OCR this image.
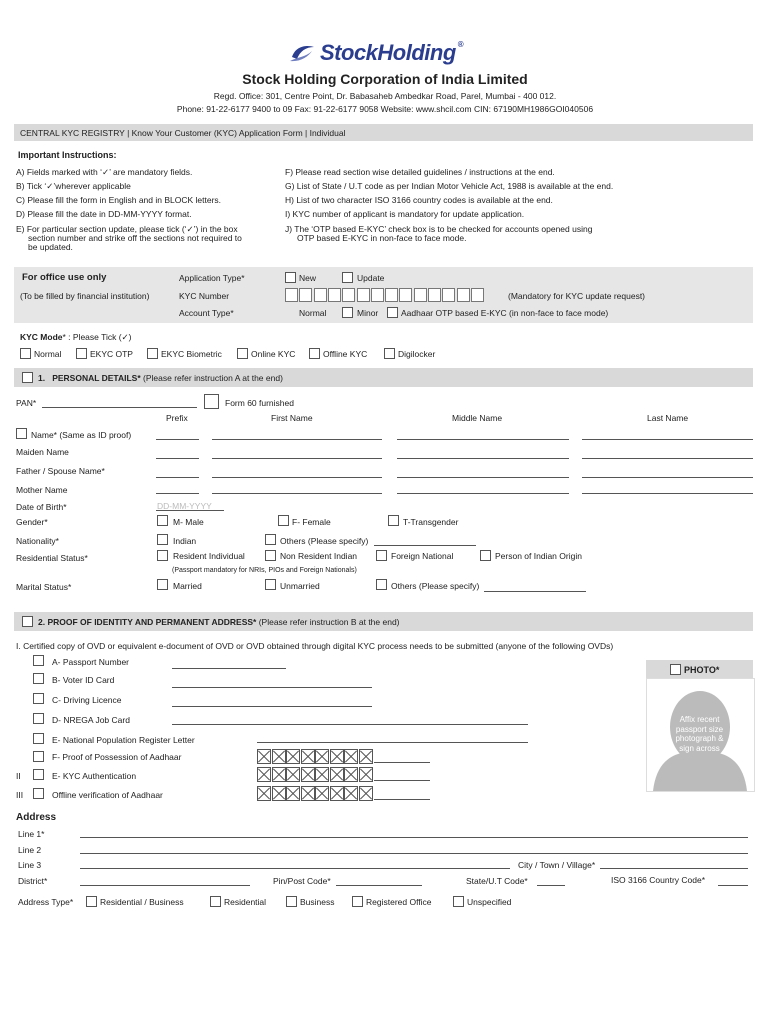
StockHolding ®
Stock Holding Corporation of India Limited
Regd. Office: 301, Centre Point, Dr. Babasaheb Ambedkar Road, Parel, Mumbai - 400 012.
Phone: 91-22-6177 9400 to 09 Fax: 91-22-6177 9058 Website: www.shcil.com CIN: 67190MH1986GOI040506
CENTRAL KYC REGISTRY | Know Your Customer (KYC) Application Form | Individual
Important Instructions:
A) Fields marked with ‘✓’ are mandatory fields.
B) Tick ‘✓’wherever applicable
C) Please fill the form in English and in BLOCK letters.
D) Please fill the date in DD-MM-YYYY format.
E) For particular section update, please tick (‘✓’) in the box
section number and strike off the sections not required to
be updated.
F) Please read section wise detailed guidelines / instructions at the end.
G) List of State / U.T code as per Indian Motor Vehicle Act, 1988 is available at the end.
H) List of two character ISO 3166 country codes is available at the end.
I) KYC number of applicant is mandatory for update application.
J) The ‘OTP based E-KYC’ check box is to be checked for accounts opened using
OTP based E-KYC in non-face to face mode.
For office use only
(To be filled by financial institution)
Application Type*	New	Update
KYC Number	(Mandatory for KYC update request)
Account Type*	Normal	Minor	Aadhaar OTP based E-KYC (in non-face to face mode)
KYC Mode* : Please Tick (✓)
Normal	EKYC OTP	EKYC Biometric	Online KYC	Offline KYC	Digilocker
1. PERSONAL DETAILS* (Please refer instruction A at the end)
PAN*	Form 60 furnished
Prefix	First Name	Middle Name	Last Name
Name* (Same as ID proof)
Maiden Name
Father / Spouse Name*
Mother Name
Date of Birth*	DD-MM-YYYY
Gender*	M- Male	F- Female	T-Transgender
Nationality*	Indian	Others (Please specify)
Residential Status*	Resident Individual	Non Resident Indian	Foreign National	Person of Indian Origin
(Passport mandatory for NRIs, PIOs and Foreign Nationals)
Marital Status*	Married	Unmarried	Others (Please specify)
2. PROOF OF IDENTITY AND PERMANENT ADDRESS* (Please refer instruction B at the end)
I. Certified copy of OVD or equivalent e-document of OVD or OVD obtained through digital KYC process needs to be submitted (anyone of the following OVDs)
A- Passport Number
B- Voter ID Card
C- Driving Licence
D- NREGA Job Card
E- National Population Register Letter
F- Proof of Possession of Aadhaar
II	E- KYC Authentication
III	Offline verification of Aadhaar
PHOTO*
Affix recent
passport size
photograph &
sign across
Address
Line 1*
Line 2
Line 3	City / Town / Village*
District*	Pin/Post Code*	State/U.T Code*	ISO 3166 Country Code*
Address Type*	Residential / Business	Residential	Business	Registered Office	Unspecified
